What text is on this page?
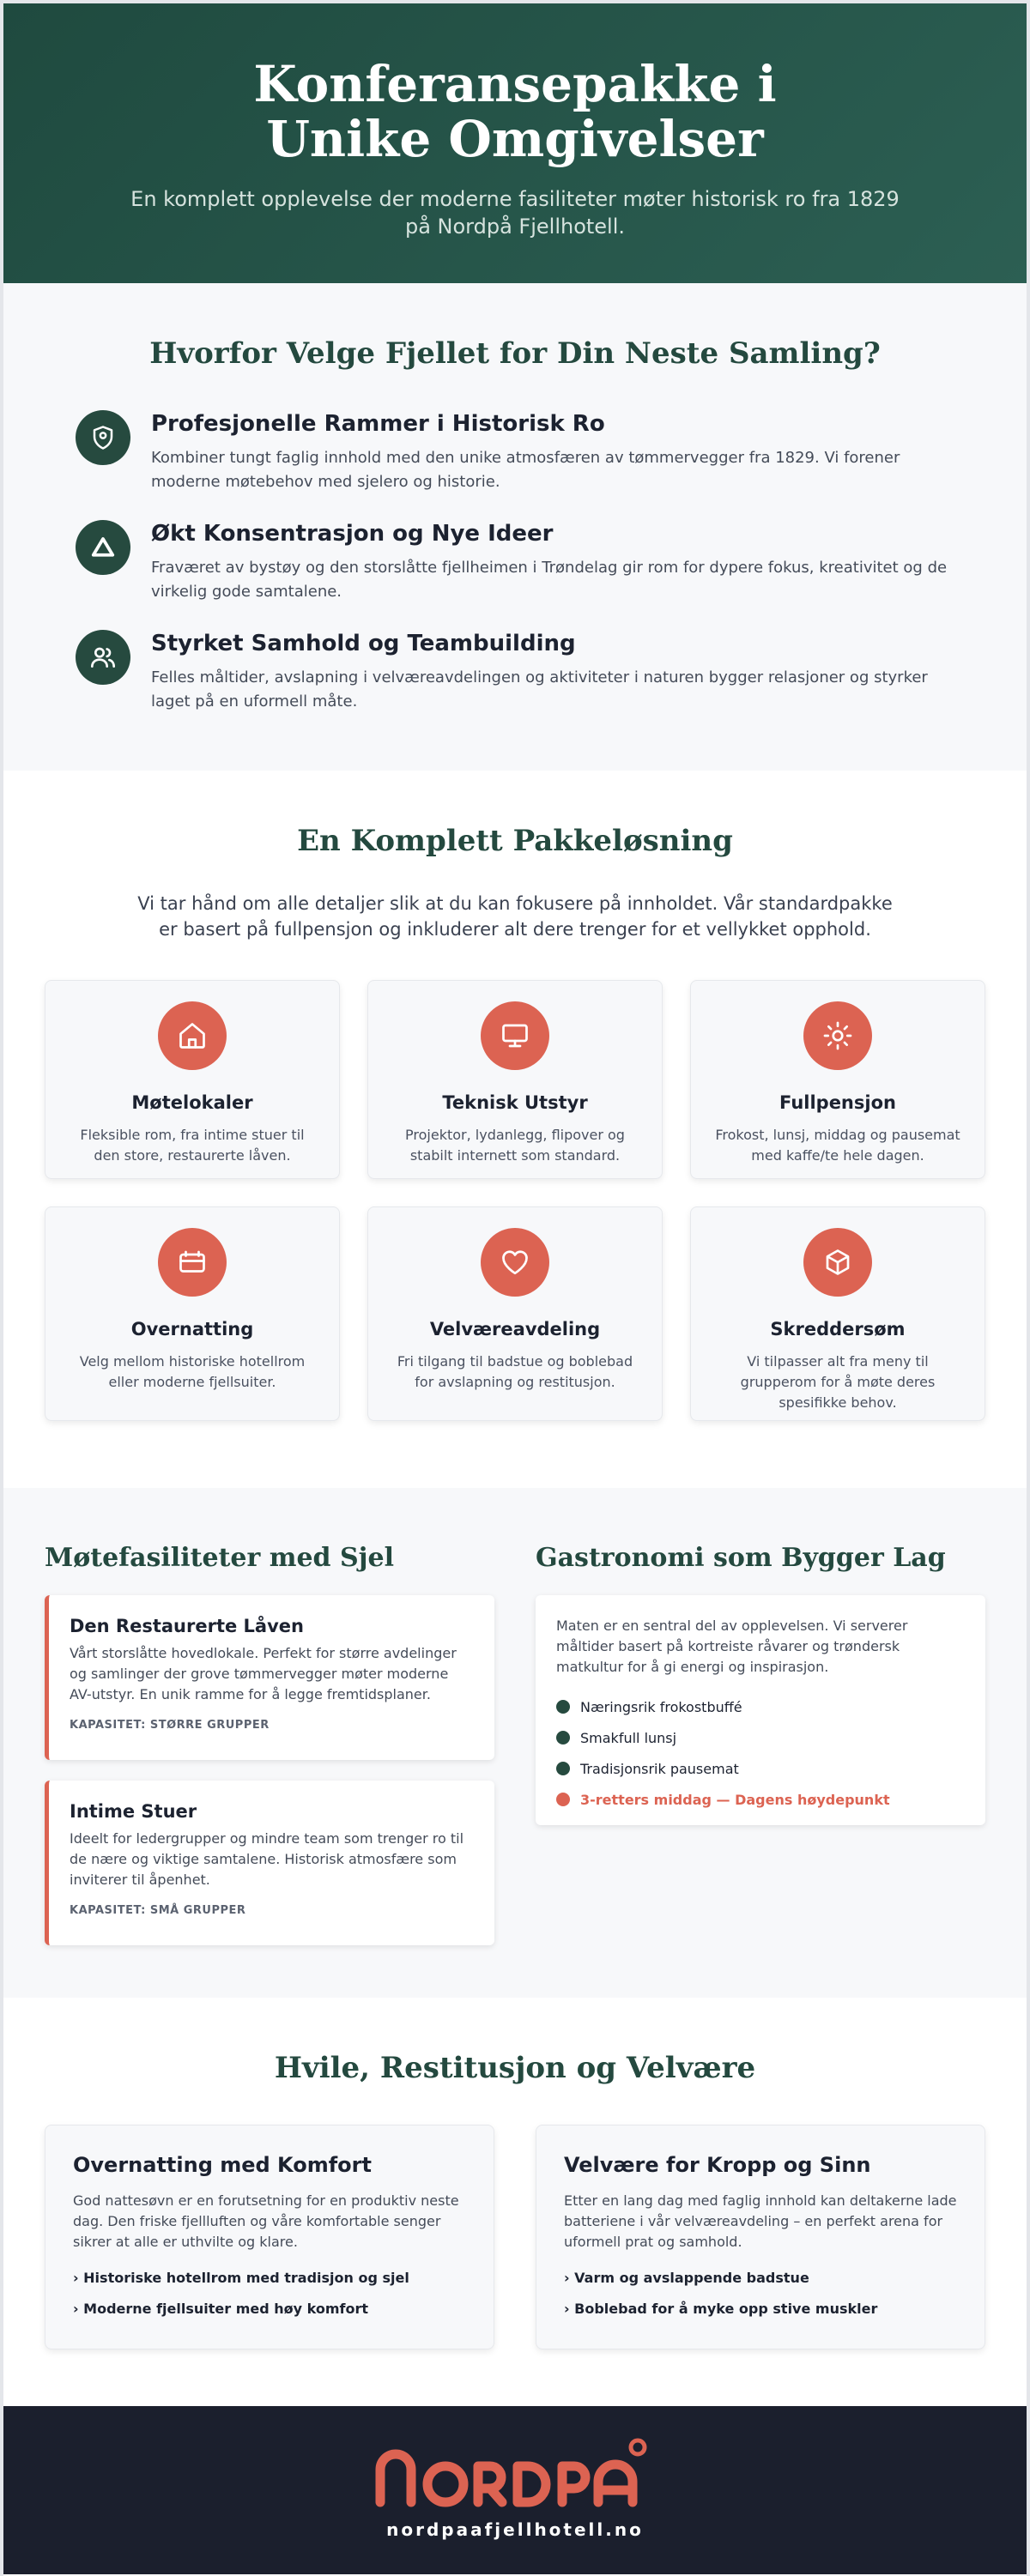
Konferansepakke i Unike Omgivelser

En komplett opplevelse der moderne fasiliteter møter historisk ro fra 1829 på Nordpå Fjellhotell.

Hvorfor Velge Fjellet for Din Neste Samling?
Profesjonelle Rammer i Historisk Ro

Kombiner tungt faglig innhold med den unike atmosfæren av tømmervegger fra 1829. Vi forener moderne møtebehov med sjelero og historie.

Økt Konsentrasjon og Nye Ideer

Fraværet av bystøy og den storslåtte fjellheimen i Trøndelag gir rom for dypere fokus, kreativitet og de virkelig gode samtalene.

Styrket Samhold og Teambuilding

Felles måltider, avslapning i velværeavdelingen og aktiviteter i naturen bygger relasjoner og styrker laget på en uformell måte.

En Komplett Pakkeløsning

Vi tar hånd om alle detaljer slik at du kan fokusere på innholdet. Vår standardpakke er basert på fullpensjon og inkluderer alt dere trenger for et vellykket opphold.

Møtelokaler

Fleksible rom, fra intime stuer til den store, restaurerte låven.

Teknisk Utstyr

Projektor, lydanlegg, flipover og stabilt internett som standard.

Fullpensjon

Frokost, lunsj, middag og pausemat med kaffe/te hele dagen.

Overnatting

Velg mellom historiske hotellrom eller moderne fjellsuiter.

Velværeavdeling

Fri tilgang til badstue og boblebad for avslapning og restitusjon.

Skreddersøm

Vi tilpasser alt fra meny til grupperom for å møte deres spesifikke behov.

Møtefasiliteter med Sjel
Den Restaurerte Låven

Vårt storslåtte hovedlokale. Perfekt for større avdelinger og samlinger der grove tømmervegger møter moderne AV-utstyr. En unik ramme for å legge fremtidsplaner.

KAPASITET: STØRRE GRUPPER
Intime Stuer

Ideelt for ledergrupper og mindre team som trenger ro til de nære og viktige samtalene. Historisk atmosfære som inviterer til åpenhet.

KAPASITET: SMÅ GRUPPER
Gastronomi som Bygger Lag

Maten er en sentral del av opplevelsen. Vi serverer måltider basert på kortreiste råvarer og trøndersk matkultur for å gi energi og inspirasjon.

Næringsrik frokostbuffé
Smakfull lunsj
Tradisjonsrik pausemat
3-retters middag — Dagens høydepunkt
Hvile, Restitusjon og Velvære
Overnatting med Komfort

God nattesøvn er en forutsetning for en produktiv neste dag. Den friske fjellluften og våre komfortable senger sikrer at alle er uthvilte og klare.

› Historiske hotellrom med tradisjon og sjel
› Moderne fjellsuiter med høy komfort
Velvære for Kropp og Sinn

Etter en lang dag med faglig innhold kan deltakerne lade batteriene i vår velværeavdeling – en perfekt arena for uformell prat og samhold.

› Varm og avslappende badstue
› Boblebad for å myke opp stive muskler
nordpaafjellhotell.no
